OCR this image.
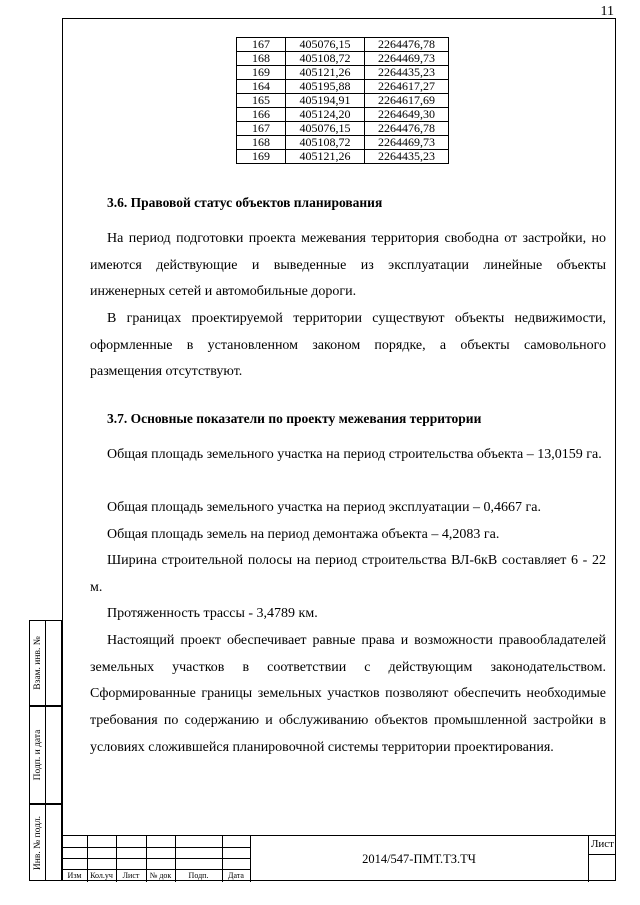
11
167	405076,15	2264476,78
168	405108,72	2264469,73
169	405121,26	2264435,23
164	405195,88	2264617,27
165	405194,91	2264617,69
166	405124,20	2264649,30
167	405076,15	2264476,78
168	405108,72	2264469,73
169	405121,26	2264435,23
3.6. Правовой статус объектов планирования

На период подготовки проекта межевания территория свободна от застройки, но имеются действующие и выведенные из эксплуатации линейные объекты инженерных сетей и автомобильные дороги.

В границах проектируемой территории существуют объекты недвижимости, оформленные в установленном законом порядке, а объекты самовольного размещения отсутствуют.

3.7. Основные показатели по проекту межевания территории

Общая площадь земельного участка на период строительства объекта – 13,0159 га.

Общая площадь земельного участка на период эксплуатации – 0,4667 га.

Общая площадь земель на период демонтажа объекта – 4,2083 га.

Ширина строительной полосы на период строительства ВЛ-6кВ составляет 6 - 22 м.

Протяженность трассы - 3,4789 км.

Настоящий проект обеспечивает равные права и возможности правообладателей земельных участков в соответствии с действующим законодательством. Сформированные границы земельных участков позволяют обеспечить необходимые требования по содержанию и обслуживанию объектов промышленной застройки в условиях сложившейся планировочной системы территории проектирования.

Взам. инв. №
Подп. и дата
Инв. № подл.
Изм	Кол.уч	Лист	№ док	Подп.	Дата
2014/547-ПМТ.ТЗ.ТЧ
Лист
